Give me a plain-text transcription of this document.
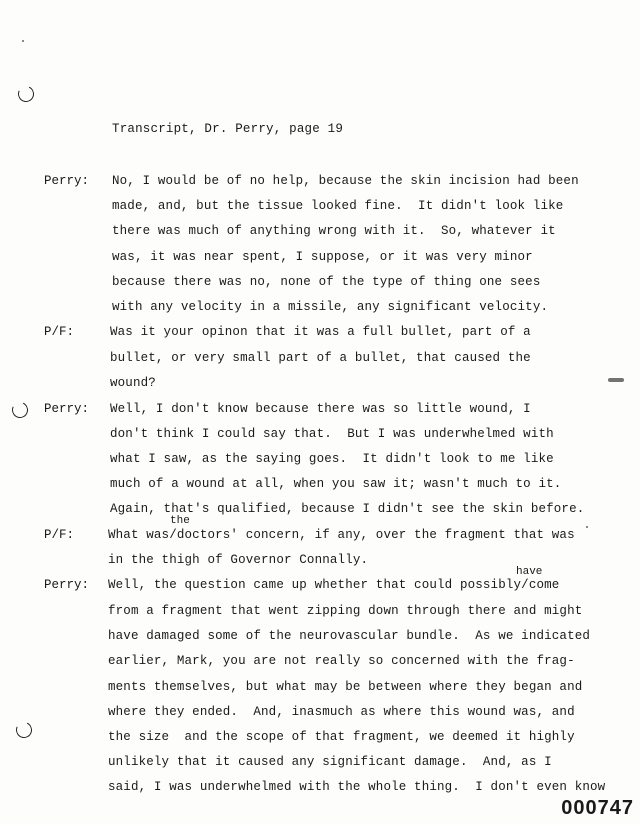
Transcript, Dr. Perry, page 19
Perry: No, I would be of no help, because the skin incision had been
made, and, but the tissue looked fine.  It didn't look like
there was much of anything wrong with it.  So, whatever it
was, it was near spent, I suppose, or it was very minor
because there was no, none of the type of thing one sees
with any velocity in a missile, any significant velocity.
P/F:	Was it your opinon that it was a full bullet, part of a
bullet, or very small part of a bullet, that caused the
wound?
Perry: Well, I don't know because there was so little wound, I
don't think I could say that.  But I was underwhelmed with
what I saw, as the saying goes.  It didn't look to me like
much of a wound at all, when you saw it; wasn't much to it.
Again, that's qualified, because I didn't see the skin before.
the
P/F:	What was/doctors' concern, if any, over the fragment that was
in the thigh of Governor Connally.
have
Perry: Well, the question came up whether that could possibly/come
from a fragment that went zipping down through there and might
have damaged some of the neurovascular bundle.  As we indicated
earlier, Mark, you are not really so concerned with the frag-
ments themselves, but what may be between where they began and
where they ended.  And, inasmuch as where this wound was, and
the size  and the scope of that fragment, we deemed it highly
unlikely that it caused any significant damage.  And, as I
said, I was underwhelmed with the whole thing.  I don't even know
000747
